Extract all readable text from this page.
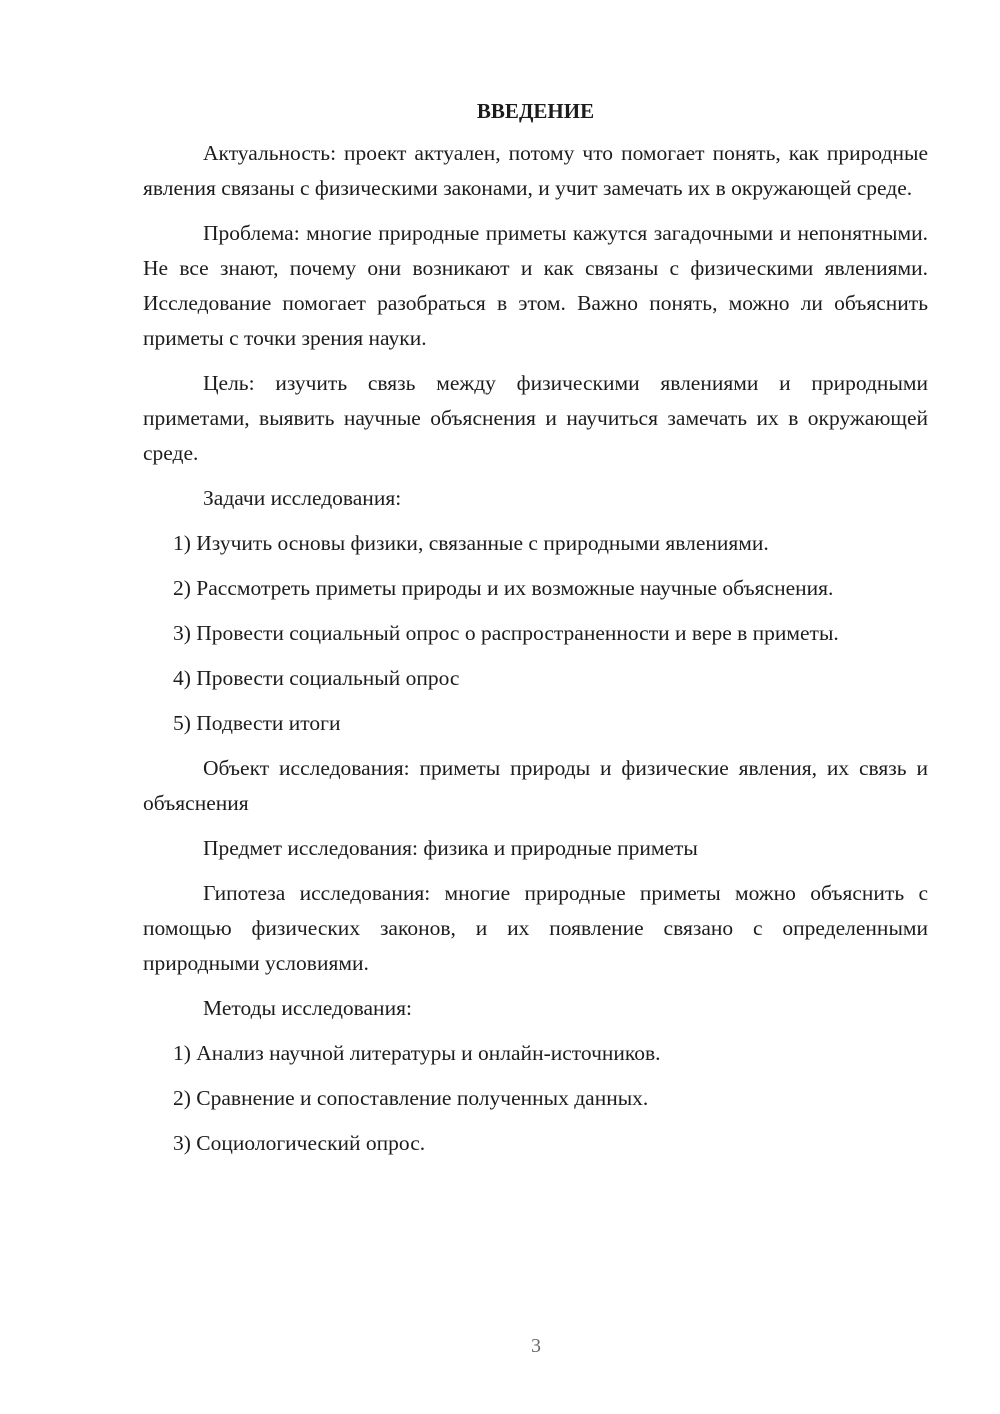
ВВЕДЕНИЕ

Актуальность: проект актуален, потому что помогает понять, как природные явления связаны с физическими законами, и учит замечать их в окружающей среде.

Проблема: многие природные приметы кажутся загадочными и непонятными. Не все знают, почему они возникают и как связаны с физическими явлениями. Исследование помогает разобраться в этом. Важно понять, можно ли объяснить приметы с точки зрения науки.

Цель: изучить связь между физическими явлениями и природными приметами, выявить научные объяснения и научиться замечать их в окружающей среде.

Задачи исследования:

1) Изучить основы физики, связанные с природными явлениями.

2) Рассмотреть приметы природы и их возможные научные объяснения.

3) Провести социальный опрос о распространенности и вере в приметы.

4) Провести социальный опрос

5) Подвести итоги

Объект исследования: приметы природы и физические явления, их связь и объяснения

Предмет исследования: физика и природные приметы

Гипотеза исследования: многие природные приметы можно объяснить с помощью физических законов, и их появление связано с определенными природными условиями.

Методы исследования:

1) Анализ научной литературы и онлайн-источников.

2) Сравнение и сопоставление полученных данных.

3) Социологический опрос.

3
